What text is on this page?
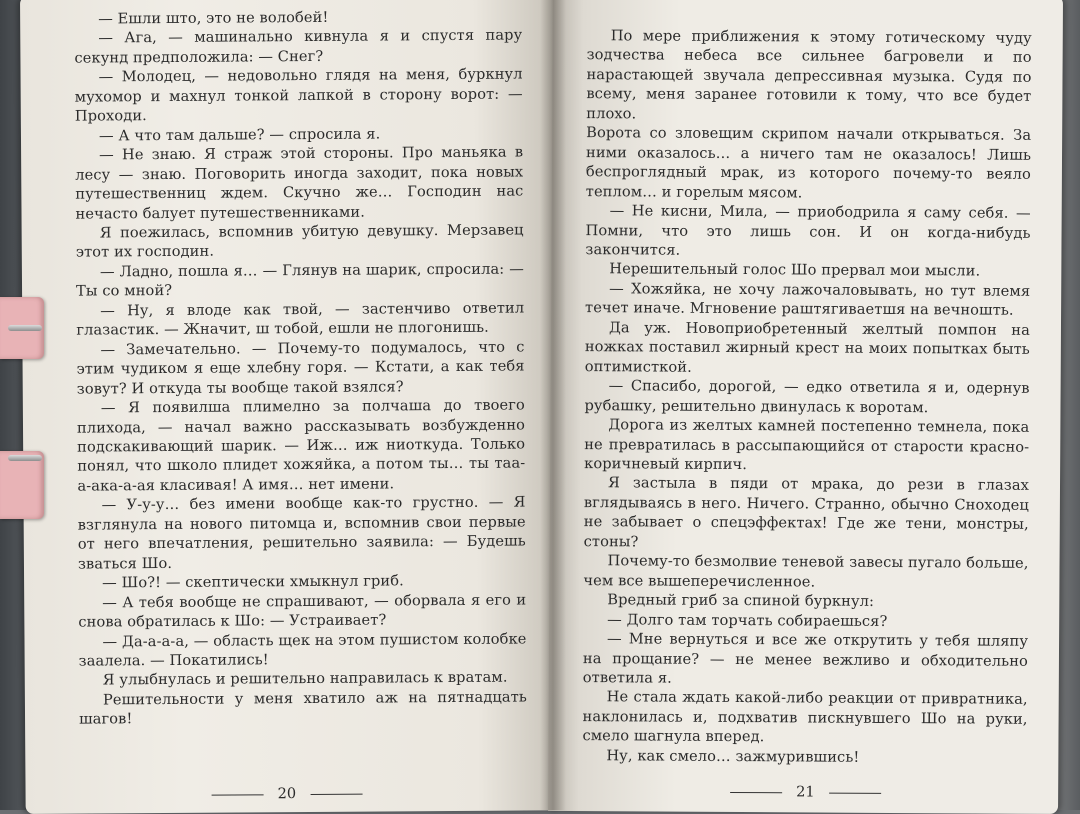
— Ешли што, это не волобей!

— Ага, — машинально кивнула я и спустя пару секунд предположила: — Снег?

— Молодец, — недовольно глядя на меня, буркнул мухомор и махнул тонкой лапкой в сторону ворот: — Проходи.

— А что там дальше? — спросила я.

— Не знаю. Я страж этой стороны. Про маньяка в лесу — знаю. Поговорить иногда заходит, пока новых путешественниц ждем. Скучно же… Господин нас нечасто балует путешественниками.

Я поежилась, вспомнив убитую девушку. Мерзавец этот их господин.

— Ладно, пошла я… — Глянув на шарик, спросила: — Ты со мной?

— Ну, я влоде как твой, — застенчиво ответил глазастик. — Жначит, ш тобой, ешли не плогонишь.

— Замечательно. — Почему-то подумалось, что с этим чудиком я еще хлебну горя. — Кстати, а как тебя зовут? И откуда ты вообще такой взялся?

— Я появилша плимелно за полчаша до твоего плихода, — начал важно рассказывать возбужденно подскакивающий шарик. — Иж… иж ниоткуда. Только понял, что школо плидет хожяйка, а потом ты… ты таа-а-ака-а-ая класивая! А имя… нет имени.

— У-у-у… без имени вообще как-то грустно. — Я взглянула на нового питомца и, вспомнив свои первые от него впечатления, решительно заявила: — Будешь зваться Шо.

— Шо?! — скептически хмыкнул гриб.

— А тебя вообще не спрашивают, — оборвала я его и снова обратилась к Шо: — Устраивает?

— Да-а-а-а, — область щек на этом пушистом колобке заалела. — Покатились!

Я улыбнулась и решительно направилась к вратам.

Решительности у меня хватило аж на пятнадцать шагов!

20

По мере приближения к этому готическому чуду зодчества небеса все сильнее багровели и по нарастающей звучала депрессивная музыка. Судя по всему, меня заранее готовили к тому, что все будет плохо.

Ворота со зловещим скрипом начали открываться. За ними оказалось… а ничего там не оказалось! Лишь беспроглядный мрак, из которого почему-то веяло теплом… и горелым мясом.

— Не кисни, Мила, — приободрила я саму себя. — Помни, что это лишь сон. И он когда-нибудь закончится.

Нерешительный голос Шо прервал мои мысли.

— Хожяйка, не хочу лажочаловывать, но тут влемя течет иначе. Мгновение раштягиваетшя на вечношть.

Да уж. Новоприобретенный желтый помпон на ножках поставил жирный крест на моих попытках быть оптимисткой.

— Спасибо, дорогой, — едко ответила я и, одернув рубашку, решительно двинулась к воротам.

Дорога из желтых камней постепенно темнела, пока не превратилась в рассыпающийся от старости красно-коричневый кирпич.

Я застыла в пяди от мрака, до рези в глазах вглядываясь в него. Ничего. Странно, обычно Сноходец не забывает о спецэффектах! Где же тени, монстры, стоны?

Почему-то безмолвие теневой завесы пугало больше, чем все вышеперечисленное.

Вредный гриб за спиной буркнул:

— Долго там торчать собираешься?

— Мне вернуться и все же открутить у тебя шляпу на прощание? — не менее вежливо и обходительно ответила я.

Не стала ждать какой-либо реакции от привратника, наклонилась и, подхватив пискнувшего Шо на руки, смело шагнула вперед.

Ну, как смело… зажмурившись!

21
